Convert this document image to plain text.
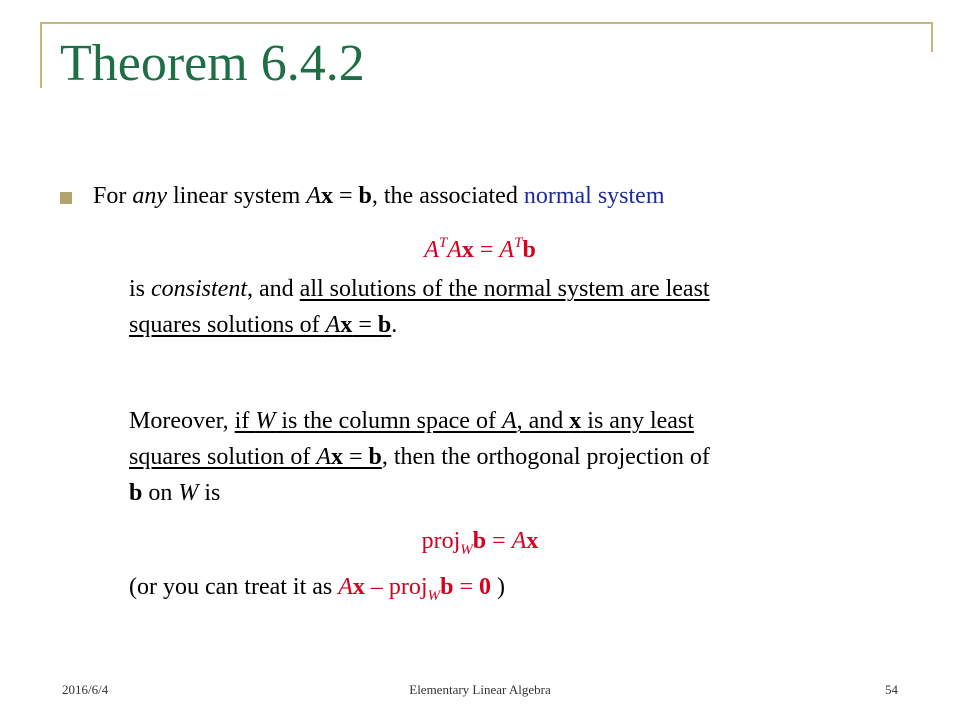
Theorem 6.4.2
For any linear system Ax = b, the associated normal system
$A^TAx = A^Tb$
is consistent, and all solutions of the normal system are least
squares solutions of Ax = b.
Moreover, if W is the column space of A, and x is any least
squares solution of Ax = b, then the orthogonal projection of
b on W is
proj$_W$b = Ax
(or you can treat it as Ax – proj$_W$b = 0 )
2016/6/4	Elementary Linear Algebra	54
